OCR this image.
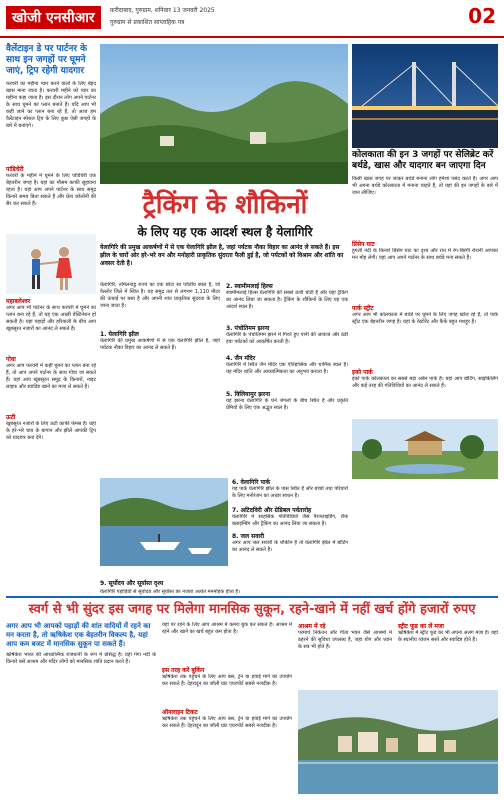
खोजी एनसीआर	फ़रीदाबाद, गुरुग्राम, शनिवार 13 जनवरी 2025
गुरुग्राम से प्रकाशित साप्ताहिक पत्र	02
वैलेंटाइन डे पर पार्टनर के साथ इन जगहों पर घूमने जाएं, ट्रिप रहेगी यादगार
फरवरी का महीना प्यार करने वालों के लिए बेहद खास माना जाता है। फरवरी महीने को प्यार का महीना कहा जाता है। इस दौरान लोग अपने पार्टनर के साथ घूमने का प्लान बनाते हैं। यदि आप भी कहीं जाने का प्लान बना रहे हैं, तो आज हम वैलेंटाइन स्पेशल ट्रिप के लिए कुछ ऐसी जगहों के बारे में बताएंगे।
पांडिचेरी
फरवरी के महीने में घूमने के लिए पांडिचेरी एक बेहतरीन जगह है। यहां का मौसम काफी सुहावना रहता है। यहां आप अपने पार्टनर के साथ समुद्र किनारे समय बिता सकते हैं और फ्रेंच कॉलोनी की सैर कर सकते हैं।
महाबलेश्वर
अगर आप भी पार्टनर के साथ फरवरी में घूमने का प्लान बना रहे हैं, तो यह एक अच्छी डेस्टिनेशन हो सकती है। यहां पहाड़ों और हरियाली के बीच आप खूबसूरत नजारों का आनंद ले सकते हैं।
गोवा
अगर आप फरवरी में कहीं घूमने का प्लान बना रहे हैं, तो आप अपने पार्टनर के साथ गोवा जा सकते हैं। यहां आप खूबसूरत समुद्र के किनारों, नाइट लाइफ और स्वादिष्ट खाने का मजा ले सकते हैं।
ऊटी
खूबसूरत नजारों के लिए ऊटी काफी फेमस है। यहां के हरे-भरे चाय के बागान और झीलें आपकी ट्रिप को यादगार बना देंगे।
ट्रैकिंग के शौकिनों
के लिए यह एक आदर्श स्थल है येलागिरि
कोलकाता की इन 3 जगहों पर सेलिब्रेट करें बर्थडे, खास और यादगार बन जाएगा दिन
किसी खास जगह पर जाकर बर्थडे मनाना लोग हमेशा पसंद करते हैं। अगर आप भी अपना बर्थडे कोलकाता में मनाना चाहते हैं, तो यहां की इन जगहों के बारे में जान लीजिए।
प्रिंसेप घाट
हुगली नदी के किनारे प्रिंसेप घाट का दृश्य और रात में रंग-बिरंगी रोशनी आपका मन मोह लेगी। यहां आप अपने पार्टनर के साथ बर्थडे मना सकते हैं।
पार्क स्ट्रीट
अगर आप भी कोलकाता में बर्थडे पर घूमने के लिए जगह खोज रहे हैं, तो पार्क स्ट्रीट एक बेहतरीन जगह है। यहां के रेस्टोरेंट और कैफे बहुत मशहूर हैं।
इको पार्क
इको पार्क कोलकाता का सबसे बड़ा अर्बन पार्क है। यहां आप बोटिंग, साइकिलिंग और कई तरह की गतिविधियों का आनंद ले सकते हैं।
येलागिरि की प्रमुख आकर्षणों में से एक येलागिरि झील है, जहां पर्यटक नौका विहार का आनंद ले सकते हैं। इस झील के चारों ओर हरे-भरे वन और मनोहारी प्राकृतिक सुंदरता फैली हुई है, जो पर्यटकों को विश्राम और शांति का अवसर देती है।
येलागिरि, तमिलनाडु राज्य का एक छोटा सा पर्वतीय स्थल है, जो वेल्लोर जिले में स्थित है। यह समुद्र तल से लगभग 1,110 मीटर की ऊंचाई पर बसा है और अपनी शांत प्राकृतिक सुंदरता के लिए जाना जाता है।
1. येलागिरि झील
येलागिरि की प्रमुख आकर्षणों में से एक येलागिरि झील है, जहां पर्यटक नौका विहार का आनंद ले सकते हैं।
2. स्वामीमलाई हिल्स
स्वामीमलाई हिल्स येलागिरि की सबसे ऊंची चोटी है और यहां ट्रैकिंग का आनंद लिया जा सकता है। ट्रैकिंग के शौकिनों के लिए यह एक आदर्श स्थल है।
3. पंचोतिमम झरना
येलागिरि के पंचोतिमम झरने में गिरते हुए पानी की आवाज और ठंडी हवा पर्यटकों को आकर्षित करती है।
4. जैन मंदिर
येलागिरि में स्थित जैन मंदिर एक ऐतिहासिक और धार्मिक स्थल है। यह मंदिर शांति और आध्यात्मिकता का अनुभव कराता है।
5. विलियामुर झरना
यह झरना येलागिरि के घने जंगलों के बीच स्थित है और प्रकृति प्रेमियों के लिए एक अद्भुत स्थल है।
6. वेलागिरि पार्क
यह पार्क येलागिरि झील के पास स्थित है और बच्चों तथा परिवारों के लिए मनोरंजन का अच्छा साधन है।
7. अटिदविरी और ग्रेडिबल पर्वतारोह
येलागिरि में साहसिक गतिविधियों जैसे पैराग्लाइडिंग, रॉक क्लाइम्बिंग और ट्रैकिंग का आनंद लिया जा सकता है।
8. जल सवारी
अगर आप जल सवारी के शौकीन हैं तो येलागिरि झील में बोटिंग का आनंद ले सकते हैं।
9. सूर्योदय और सूर्यास्त दृश्य
येलागिरि पहाड़ियों से सूर्योदय और सूर्यास्त का नजारा अत्यंत मनमोहक होता है।
स्वर्ग से भी सुंदर इस जगह पर मिलेगा मानसिक सुकून, रहने-खाने में नहीं खर्च होंगे हजारों रुपए
अगर आप भी आपको पहाड़ों की शांत वादियों में रहने का मन करता है, तो ऋषिकेश एक बेहतरीन विकल्प है, यहां आप कम बजट में मानसिक सुकून पा सकते हैं।
ऋषिकेश भारत की आध्यात्मिक राजधानी के रूप में प्रसिद्ध है। यहां गंगा नदी के किनारे बसे आश्रम और मंदिर लोगों को मानसिक शांति प्रदान करते हैं।
यहां पर रहने के लिए आप आश्रम में कमरा बुक कर सकते हैं। आश्रम में रहने और खाने का खर्च बहुत कम होता है।
इस तरह करें बुकिंग
ऋषिकेश तक पहुंचने के लिए आप बस, ट्रेन या हवाई मार्ग का उपयोग कर सकते हैं। देहरादून का जॉली ग्रांट एयरपोर्ट सबसे नजदीक है।
ऑनलाइन टिकट
ऋषिकेश तक पहुंचने के लिए आप बस, ट्रेन या हवाई मार्ग का उपयोग कर सकते हैं। देहरादून का जॉली ग्रांट एयरपोर्ट सबसे नजदीक है।
आश्रम में रहे
परमार्थ निकेतन और गीता भवन जैसे आश्रमों में ठहरने की सुविधा उपलब्ध है, जहां योग और ध्यान के सत्र भी होते हैं।
स्ट्रीट फूड का लें मजा
ऋषिकेश में स्ट्रीट फूड का भी अपना अलग मजा है। यहां के स्थानीय व्यंजन सस्ते और स्वादिष्ट होते हैं।
